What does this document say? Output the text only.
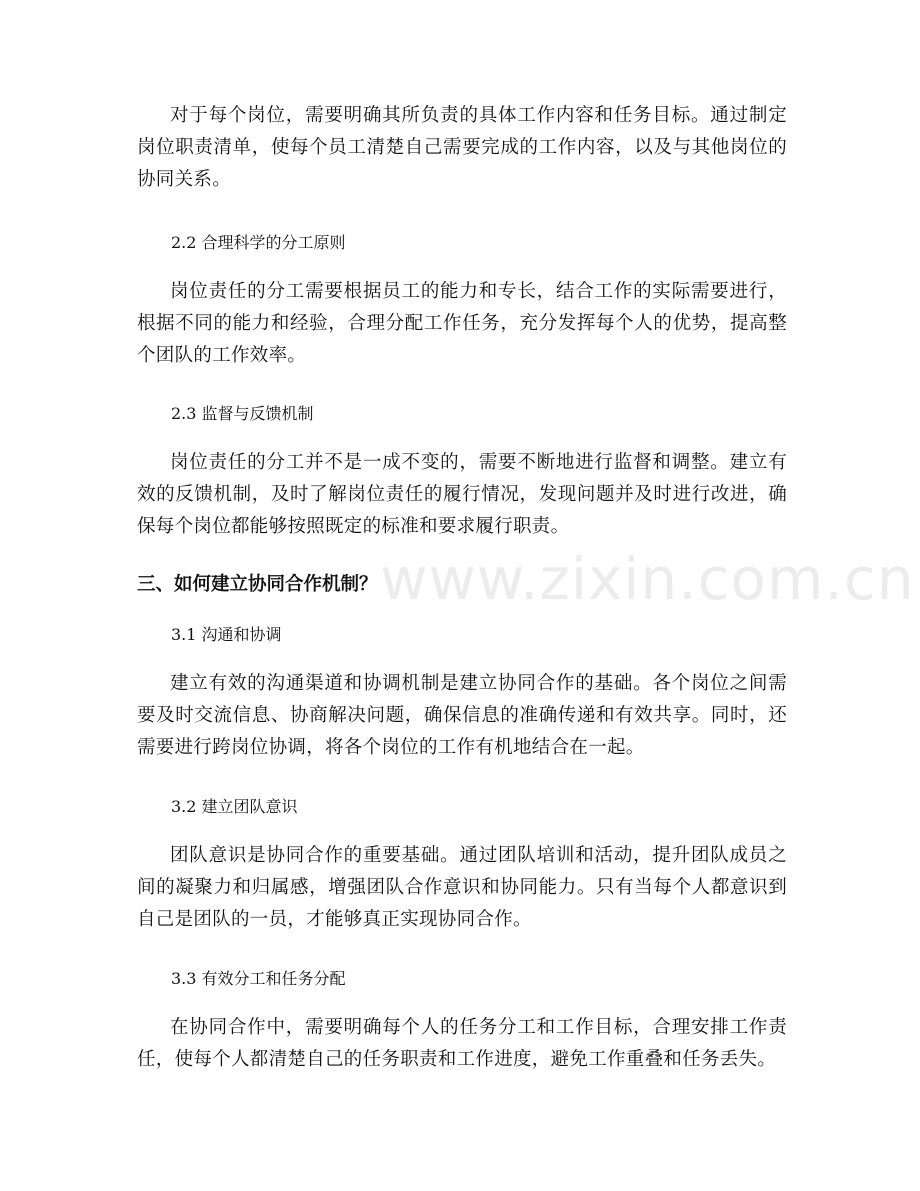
对于每个岗位，需要明确其所负责的具体工作内容和任务目标。通过制定岗位职责清单，使每个员工清楚自己需要完成的工作内容，以及与其他岗位的协同关系。

2.2 合理科学的分工原则

岗位责任的分工需要根据员工的能力和专长，结合工作的实际需要进行，根据不同的能力和经验，合理分配工作任务，充分发挥每个人的优势，提高整个团队的工作效率。

2.3 监督与反馈机制

岗位责任的分工并不是一成不变的，需要不断地进行监督和调整。建立有效的反馈机制，及时了解岗位责任的履行情况，发现问题并及时进行改进，确保每个岗位都能够按照既定的标准和要求履行职责。

三、如何建立协同合作机制？

3.1 沟通和协调

建立有效的沟通渠道和协调机制是建立协同合作的基础。各个岗位之间需要及时交流信息、协商解决问题，确保信息的准确传递和有效共享。同时，还需要进行跨岗位协调，将各个岗位的工作有机地结合在一起。

3.2 建立团队意识

团队意识是协同合作的重要基础。通过团队培训和活动，提升团队成员之间的凝聚力和归属感，增强团队合作意识和协同能力。只有当每个人都意识到自己是团队的一员，才能够真正实现协同合作。

3.3 有效分工和任务分配

在协同合作中，需要明确每个人的任务分工和工作目标，合理安排工作责任，使每个人都清楚自己的任务职责和工作进度，避免工作重叠和任务丢失。

www.zixin.com.cn
